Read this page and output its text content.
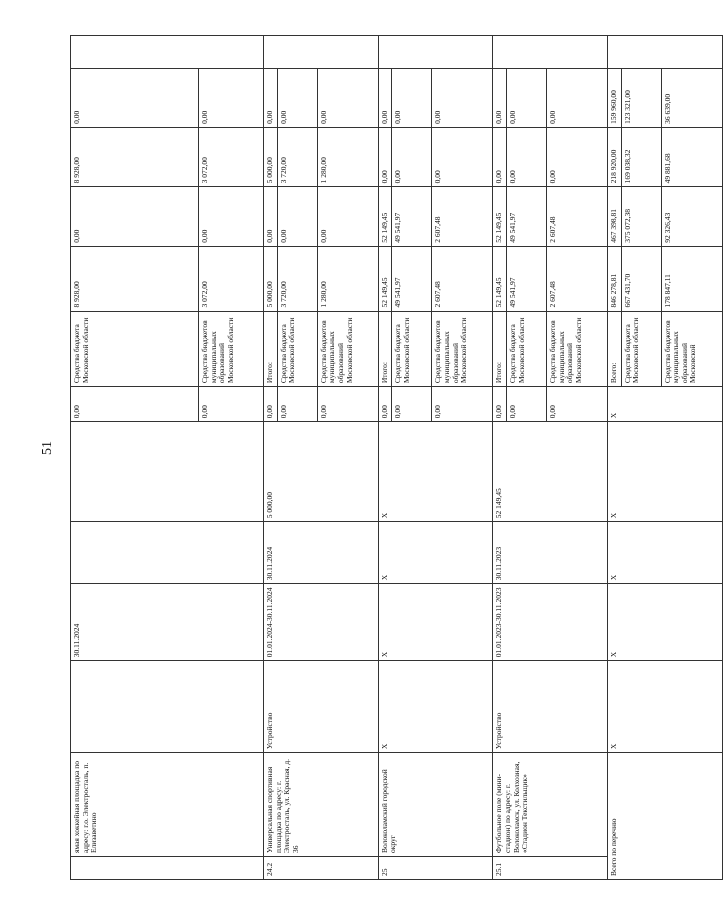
51
	ямая хоккейная площадка по адресу: г.о. Электросталь, п. Елизаветино		30.11.2024			0,00	Средства бюджета Московской области	8 928,00	0,00	8 928,00	0,00	
						0,00	Средства бюджетов муниципальных образований Московской области	3 072,00	0,00	3 072,00	0,00	
24.2	Универсальная спортивная площадка по адресу: г. Электросталь, ул. Красная, д. 36	Устройство	01.01.2024-30.11.2024	30.11.2024	5 000,00	0,00	Итого:	5 000,00	0,00	5 000,00	0,00	
						0,00	Средства бюджета Московской области	3 720,00	0,00	3 720,00	0,00	
						0,00	Средства бюджетов муниципальных образований Московской области	1 280,00	0,00	1 280,00	0,00	
25	Волоколамский городской округ	X	X	X	X	0,00	Итого:	52 149,45	52 149,45	0,00	0,00	
						0,00	Средства бюджета Московской области	49 541,97	49 541,97	0,00	0,00	
						0,00	Средства бюджетов муниципальных образований Московской области	2 607,48	2 607,48	0,00	0,00	
25.1	Футбольное поле (мини-стадион) по адресу: г. Волоколамск, ул. Колхозная, «Стадион Текстильщик»	Устройство	01.01.2023-30.11.2023	30.11.2023	52 149,45	0,00	Итого:	52 149,45	52 149,45	0,00	0,00	
						0,00	Средства бюджета Московской области	49 541,97	49 541,97	0,00	0,00	
						0,00	Средства бюджетов муниципальных образований Московской области	2 607,48	2 607,48	0,00	0,00	
Всего по перечню		X	X	X	X	X	Всего:	846 278,81	467 398,81	218 920,00	159 960,00	
							Средства бюджета Московской области	667 431,70	375 072,38	169 038,32	123 321,00	
							Средства бюджетов муниципальных образований Московской	178 847,11	92 326,43	49 881,68	36 639,00	
